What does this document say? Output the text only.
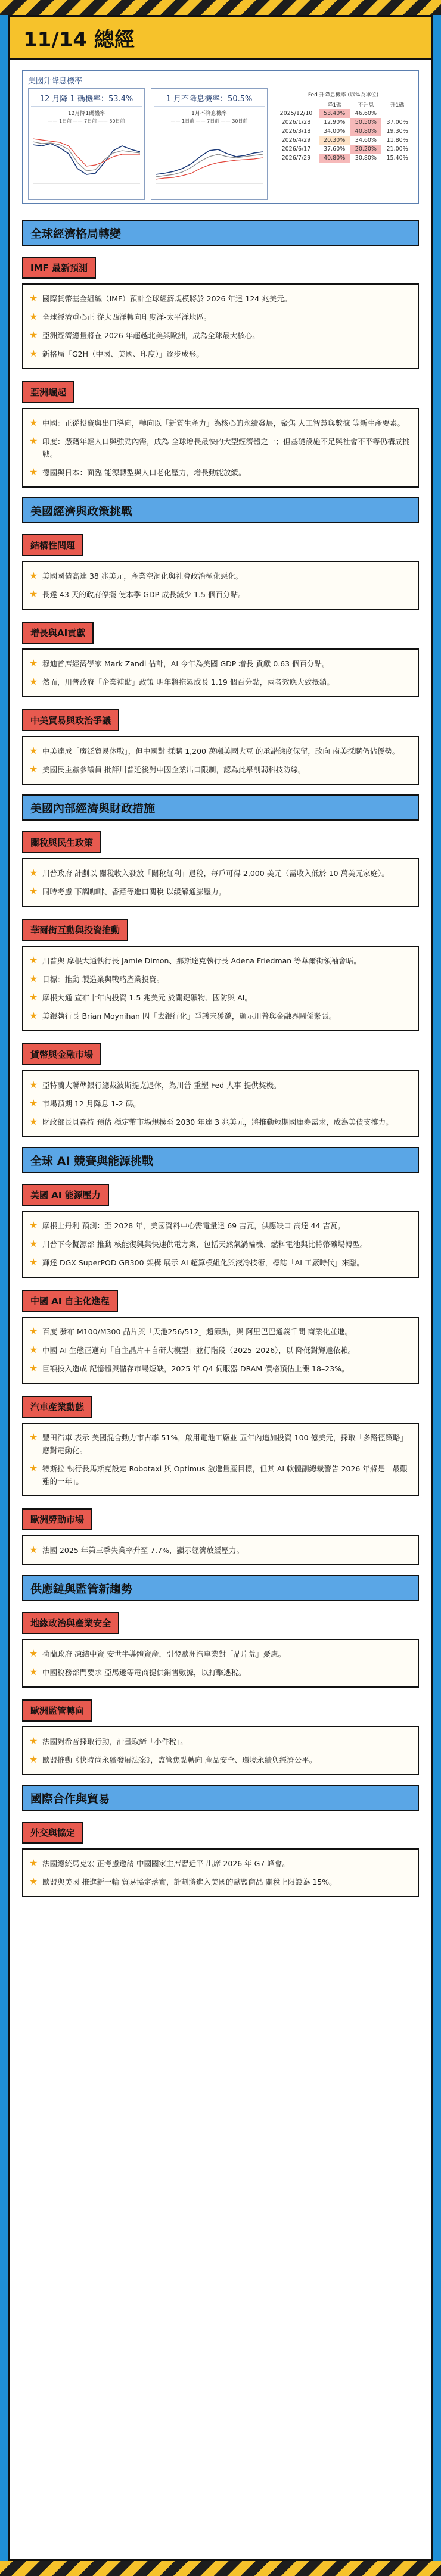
11/14 總經
美國升降息機率
12 月降 1 碼機率：53.4%
12月降1碼機率
—— 1日前 —— 7日前 —— 30日前
1 月不降息機率：50.5%
1月不降息機率
—— 1日前 —— 7日前 —— 30日前
Fed 升降息機率 (以%為單位)
	降1碼	不升息	升1碼
2025/12/10	53.40%	46.60%	
2026/1/28	12.90%	50.50%	37.00%
2026/3/18	34.00%	40.80%	19.30%
2026/4/29	20.30%	34.60%	11.80%
2026/6/17	37.60%	20.20%	21.00%
2026/7/29	40.80%	30.80%	15.40%
全球經濟格局轉變
IMF 最新預測
★ 國際貨幣基金組織（IMF）預計全球經濟規模將於 2026 年達 124 兆美元。
★ 全球經濟重心正 從大西洋轉向印度洋-太平洋地區。
★ 亞洲經濟總量將在 2026 年超越北美與歐洲，成為全球最大核心。
★ 新格局「G2H（中國、美國、印度）」逐步成形。
亞洲崛起
★ 中國：正從投資與出口導向，轉向以「新質生產力」為核心的永續發展，聚焦 人工智慧與數據 等新生產要素。
★ 印度：憑藉年輕人口與強勁內需，成為 全球增長最快的大型經濟體之一；但基礎設施不足與社會不平等仍構成挑戰。
★ 德國與日本：面臨 能源轉型與人口老化壓力，增長動能放緩。
美國經濟與政策挑戰
結構性問題
★ 美國國債高達 38 兆美元，產業空洞化與社會政治極化惡化。
★ 長達 43 天的政府停擺 使本季 GDP 成長減少 1.5 個百分點。
增長與AI貢獻
★ 穆迪首席經濟學家 Mark Zandi 估計，AI 今年為美國 GDP 增長 貢獻 0.63 個百分點。
★ 然而，川普政府「企業補貼」政策 明年將拖累成長 1.19 個百分點，兩者效應大致抵銷。
中美貿易與政治爭議
★ 中美達成「廣泛貿易休戰」，但中國對 採購 1,200 萬噸美國大豆 的承諾態度保留，改向 南美採購仍佔優勢。
★ 美國民主黨參議員 批評川普延後對中國企業出口限制，認為此舉削弱科技防線。
美國內部經濟與財政措施
關稅與民生政策
★ 川普政府 計劃以 關稅收入發放「關稅紅利」退稅，每戶可得 2,000 美元（需收入低於 10 萬美元家庭）。
★ 同時考慮 下調咖啡、香蕉等進口關稅 以緩解通膨壓力。
華爾街互動與投資推動
★ 川普與 摩根大通執行長 Jamie Dimon、那斯達克執行長 Adena Friedman 等華爾街領袖會晤。
★ 目標：推動 製造業與戰略產業投資。
★ 摩根大通 宣布十年內投資 1.5 兆美元 於關鍵礦物、國防與 AI。
★ 美銀執行長 Brian Moynihan 因「去銀行化」爭議未獲邀，顯示川普與金融界關係緊張。
貨幣與金融市場
★ 亞特蘭大聯準銀行總裁波斯提克退休，為川普 重塑 Fed 人事 提供契機。
★ 市場預期 12 月降息 1-2 碼。
★ 財政部長貝森特 預估 穩定幣市場規模至 2030 年達 3 兆美元，將推動短期國庫券需求，成為美債支撐力。
全球 AI 競賽與能源挑戰
美國 AI 能源壓力
★ 摩根士丹利 預測：至 2028 年，美國資料中心需電量達 69 吉瓦，供應缺口 高達 44 吉瓦。
★ 川普下令擬源部 推動 核能復興與快速供電方案，包括天然氣渦輪機、燃料電池與比特幣礦場轉型。
★ 輝達 DGX SuperPOD GB300 架構 展示 AI 超算模組化與液冷技術，標誌「AI 工廠時代」來臨。
中國 AI 自主化進程
★ 百度 發布 M100/M300 晶片與「天池256/512」超節點，與 阿里巴巴通義千問 商業化並進。
★ 中國 AI 生態正邁向「自主晶片＋自研大模型」並行階段（2025–2026），以 降低對輝達依賴。
★ 巨額投入造成 記憶體與儲存市場短缺，2025 年 Q4 伺服器 DRAM 價格預估上漲 18–23%。
汽車產業動態
★ 豐田汽車 表示 美國混合動力市占率 51%，啟用電池工廠並 五年內追加投資 100 億美元，採取「多路徑策略」應對電動化。
★ 特斯拉 執行長馬斯克設定 Robotaxi 與 Optimus 激進量產目標，但其 AI 軟體副總裁警告 2026 年將是「最艱難的一年」。
歐洲勞動市場
★ 法國 2025 年第三季失業率升至 7.7%，顯示經濟放緩壓力。
供應鏈與監管新趨勢
地緣政治與產業安全
★ 荷蘭政府 凍結中資 安世半導體資產，引發歐洲汽車業對「晶片荒」憂慮。
★ 中國稅務部門要求 亞馬遜等電商提供銷售數據，以打擊逃稅。
歐洲監管轉向
★ 法國對希音採取行動，計畫取締「小件稅」。
★ 歐盟推動《快時尚永續發展法案》，監管焦點轉向 產品安全、環境永續與經濟公平。
國際合作與貿易
外交與協定
★ 法國總統馬克宏 正考慮邀請 中國國家主席習近平 出席 2026 年 G7 峰會。
★ 歐盟與美國 推進新一輪 貿易協定落實，計劃將進入美國的歐盟商品 關稅上限設為 15%。
